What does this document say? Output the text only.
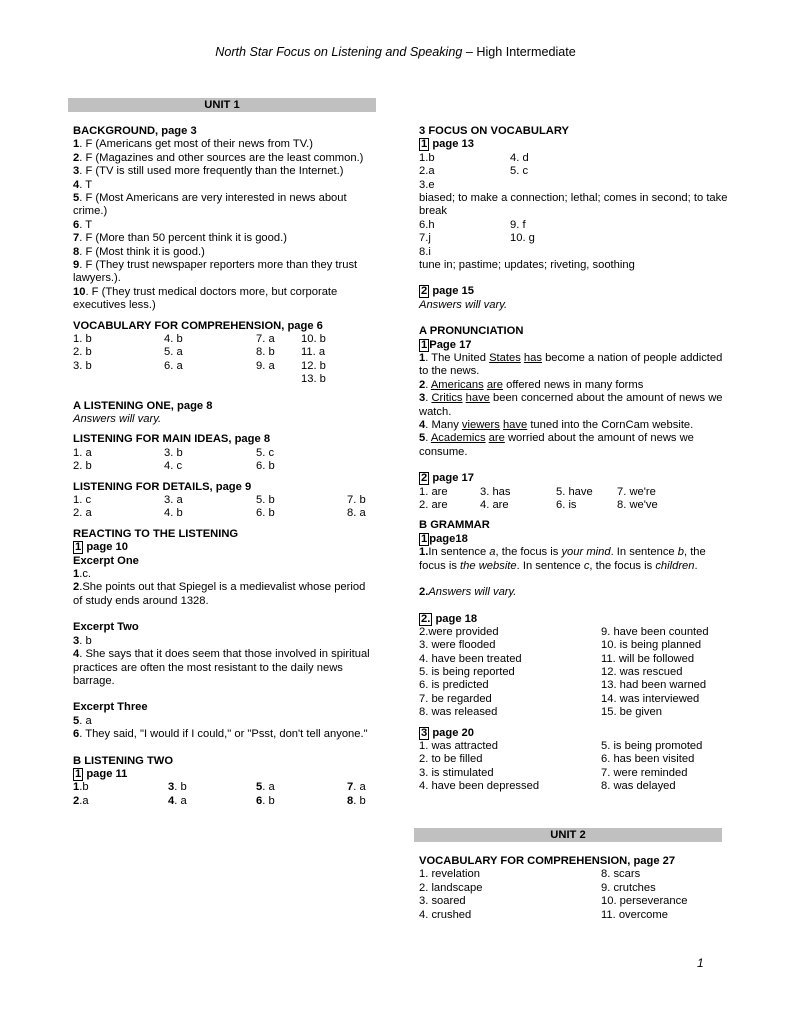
North Star Focus on Listening and Speaking – High Intermediate
UNIT 1
BACKGROUND, page 3

1. F (Americans get most of their news from TV.)

2. F (Magazines and other sources are the least common.)

3. F (TV is still used more frequently than the Internet.)

4. T

5. F (Most Americans are very interested in news about crime.)

6. T

7. F (More than 50 percent think it is good.)

8. F (Most think it is good.)

9. F (They trust newspaper reporters more than they trust lawyers.).

10. F (They trust medical doctors more, but corporate executives less.)

VOCABULARY FOR COMPREHENSION, page 6
1. b	4. b	7. a 10. b
2. b	5. a	8. b 11. a
3. b	6. a	9. a 12. b
13. b
A LISTENING ONE, page 8
Answers will vary.
LISTENING FOR MAIN IDEAS, page 8
1. a	3. b	5. c
2. b	4. c	6. b
LISTENING FOR DETAILS, page 9
1. c	3. a	5. b	7. b
2. a	4. b	6. b	8. a
REACTING TO THE LISTENING
1 page 10
Excerpt One

1.c.

2.She points out that Spiegel is a medievalist whose period of study ends around 1328.

Excerpt Two

3. b

4. She says that it does seem that those involved in spiritual practices are often the most resistant to the daily news barrage.

Excerpt Three

5. a

6. They said, "I would if I could," or "Psst, don't tell anyone."

B LISTENING TWO
1 page 11
1.b	3. b	5. a	7. a
2.a	4. a	6. b	8. b
3 FOCUS ON VOCABULARY
1 page 13
1.b	4. d
2.a	5. c
3.e
biased; to make a connection; lethal; comes in second; to take break
6.h	9. f
7.j	10. g
8.i
tune in; pastime; updates; riveting, soothing
2 page 15
Answers will vary.
A PRONUNCIATION
1 Page 17

1. The United States has become a nation of people addicted to the news.

2. Americans are offered news in many forms

3. Critics have been concerned about the amount of news we watch.

4. Many viewers have tuned into the CornCam website.

5. Academics are worried about the amount of news we consume.

2 page 17
1. are	3. has	5. have 7. we're
2. are	4. are	6. is	8. we've
B GRAMMAR
1 page18

1.In sentence a, the focus is your mind. In sentence b, the focus is the website. In sentence c, the focus is children.

2.Answers will vary.

2. page 18
2.were provided	9. have been counted
3. were flooded	10. is being planned
4. have been treated	11. will be followed
5. is being reported	12. was rescued
6. is predicted	13. had been warned
7. be regarded	14. was interviewed
8. was released	15. be given
3 page 20
1. was attracted	5. is being promoted
2. to be filled	6. has been visited
3. is stimulated	7. were reminded
4. have been depressed	8. was delayed
UNIT 2
VOCABULARY FOR COMPREHENSION, page 27
1. revelation	8. scars
2. landscape	9. crutches
3. soared	10. perseverance
4. crushed	11. overcome
1
